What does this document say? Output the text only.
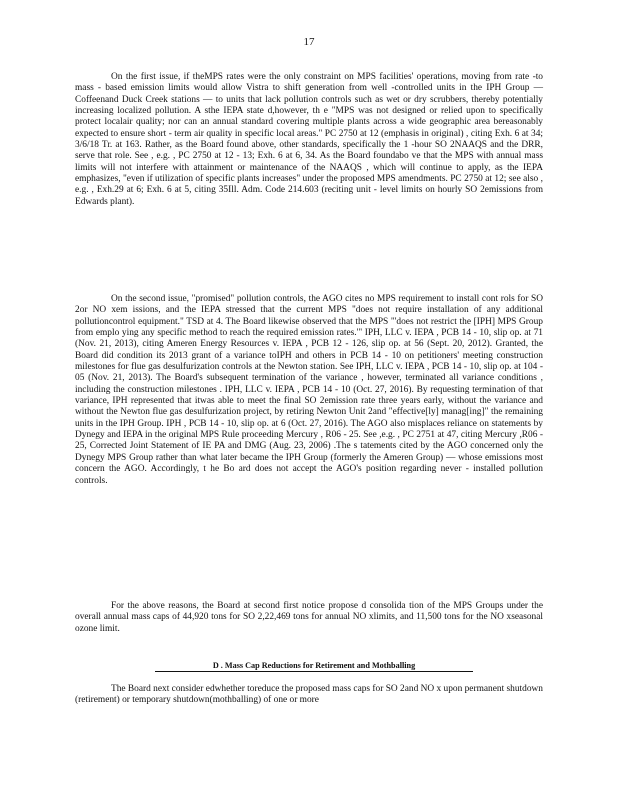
17

On the first issue, if theMPS rates were the only constraint on MPS facilities' operations, moving from rate -to mass - based emission limits would allow Vistra to shift generation from well -controlled units in the IPH Group — Coffeenand Duck Creek stations — to units that lack pollution controls such as wet or dry scrubbers, thereby potentially increasing localized pollution. A sthe IEPA state d,however, th e "MPS was not designed or relied upon to specifically protect localair quality; nor can an annual standard covering multiple plants across a wide geographic area bereasonably expected to ensure short - term air quality in specific local areas." PC 2750 at 12 (emphasis in original) , citing Exh. 6 at 34; 3/6/18 Tr. at 163. Rather, as the Board found above, other standards, specifically the 1 -hour SO 2NAAQS and the DRR, serve that role. See , e.g. , PC 2750 at 12 - 13; Exh. 6 at 6, 34. As the Board foundabo ve that the MPS with annual mass limits will not interfere with attainment or maintenance of the NAAQS , which will continue to apply, as the IEPA emphasizes, "even if utilization of specific plants increases" under the proposed MPS amendments. PC 2750 at 12; see also , e.g. , Exh.29 at 6; Exh. 6 at 5, citing 35Ill. Adm. Code 214.603 (reciting unit - level limits on hourly SO 2emissions from Edwards plant).

On the second issue, "promised" pollution controls, the AGO cites no MPS requirement to install cont rols for SO 2or NO xem issions, and the IEPA stressed that the current MPS "does not require installation of any additional pollutioncontrol equipment." TSD at 4. The Board likewise observed that the MPS "'does not restrict the [IPH] MPS Group from emplo ying any specific method to reach the required emission rates.'" IPH, LLC v. IEPA , PCB 14 - 10, slip op. at 71 (Nov. 21, 2013), citing Ameren Energy Resources v. IEPA , PCB 12 - 126, slip op. at 56 (Sept. 20, 2012). Granted, the Board did condition its 2013 grant of a variance toIPH and others in PCB 14 - 10 on petitioners' meeting construction milestones for flue gas desulfurization controls at the Newton station. See IPH, LLC v. IEPA , PCB 14 - 10, slip op. at 104 - 05 (Nov. 21, 2013). The Board's subsequent termination of the variance , however, terminated all variance conditions , including the construction milestones . IPH, LLC v. IEPA , PCB 14 - 10 (Oct. 27, 2016). By requesting termination of that variance, IPH represented that itwas able to meet the final SO 2emission rate three years early, without the variance and without the Newton flue gas desulfurization project, by retiring Newton Unit 2and "effective[ly] manag[ing]" the remaining units in the IPH Group. IPH , PCB 14 - 10, slip op. at 6 (Oct. 27, 2016). The AGO also misplaces reliance on statements by Dynegy and IEPA in the original MPS Rule proceeding Mercury , R06 - 25. See ,e.g. , PC 2751 at 47, citing Mercury ,R06 - 25, Corrected Joint Statement of IE PA and DMG (Aug. 23, 2006) .The s tatements cited by the AGO concerned only the Dynegy MPS Group rather than what later became the IPH Group (formerly the Ameren Group) — whose emissions most concern the AGO. Accordingly, t he Bo ard does not accept the AGO's position regarding never - installed pollution controls.

For the above reasons, the Board at second first notice propose d consolida tion of the MPS Groups under the overall annual mass caps of 44,920 tons for SO 2,22,469 tons for annual NO xlimits, and 11,500 tons for the NO xseasonal ozone limit.

D . Mass Cap Reductions for Retirement and Mothballing

The Board next consider edwhether toreduce the proposed mass caps for SO 2and NO x upon permanent shutdown (retirement) or temporary shutdown(mothballing) of one or more
